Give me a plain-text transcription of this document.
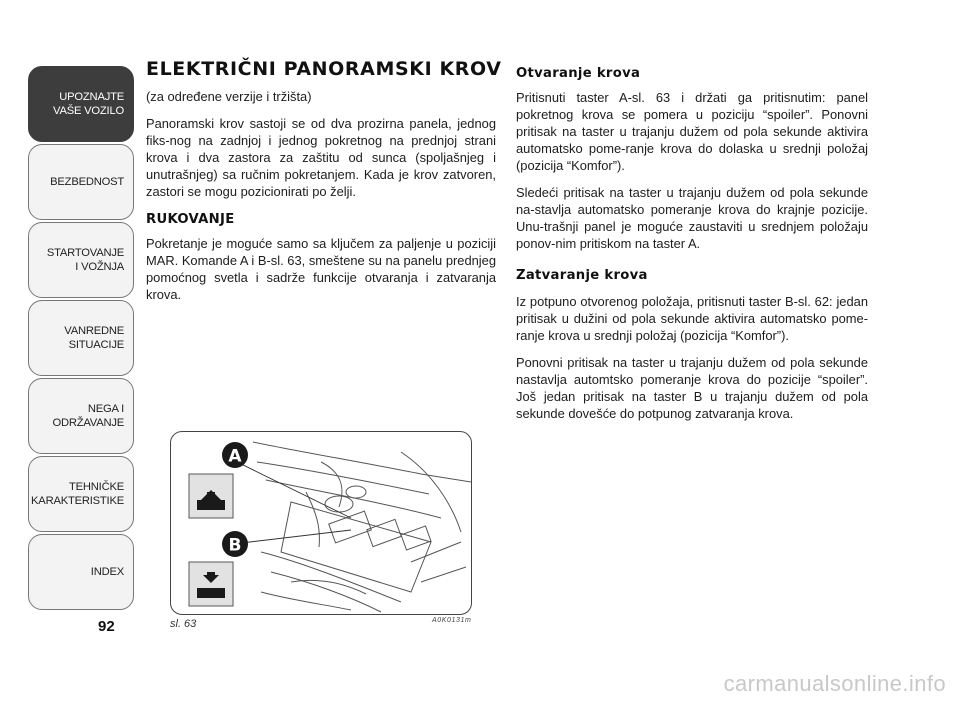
UPOZNAJTE
VAŠE VOZILO
BEZBEDNOST
STARTOVANJE
I VOŽNJA
VANREDNE
SITUACIJE
NEGA I
ODRŽAVANJE
TEHNIČKE
KARAKTERISTIKE
INDEX
92
ELEKTRIČNI PANORAMSKI KROV

(za određene verzije i tržišta)

Panoramski krov sastoji se od dva prozirna panela, jednog fiks-nog na zadnjoj i jednog pokretnog na prednjoj strani krova i dva zastora za zaštitu od sunca (spoljašnjeg i unutrašnjeg) sa ručnim pokretanjem. Kada je krov zatvoren, zastori se mogu pozicionirati po želji.

RUKOVANJE

Pokretanje je moguće samo sa ključem za paljenje u poziciji MAR. Komande A i B-sl. 63, smeštene su na panelu prednjeg pomoćnog svetla i sadrže funkcije otvaranja i zatvaranja krova.

Otvaranje krova

Pritisnuti taster A-sl. 63 i držati ga pritisnutim: panel pokretnog krova se pomera u poziciju “spoiler”. Ponovni pritisak na taster u trajanju dužem od pola sekunde aktivira automatsko pome-ranje krova do dolaska u srednji položaj (pozicija “Komfor”).

Sledeći pritisak na taster u trajanju dužem od pola sekunde na-stavlja automatsko pomeranje krova do krajnje pozicije. Unu-trašnji panel je moguće zaustaviti u srednjem položaju ponov-nim pritiskom na taster A.

Zatvaranje krova

Iz potpuno otvorenog položaja, pritisnuti taster B-sl. 62: jedan pritisak u dužini od pola sekunde aktivira automatsko pome-ranje krova u srednji položaj (pozicija “Komfor”).

Ponovni pritisak na taster u trajanju dužem od pola sekunde nastavlja automtsko pomeranje krova do pozicije “spoiler”. Još jedan pritisak na taster B u trajanju dužem od pola sekunde dovešće do potpunog zatvaranja krova.

A
B
sl. 63	A0K0131m
carmanualsonline.info
